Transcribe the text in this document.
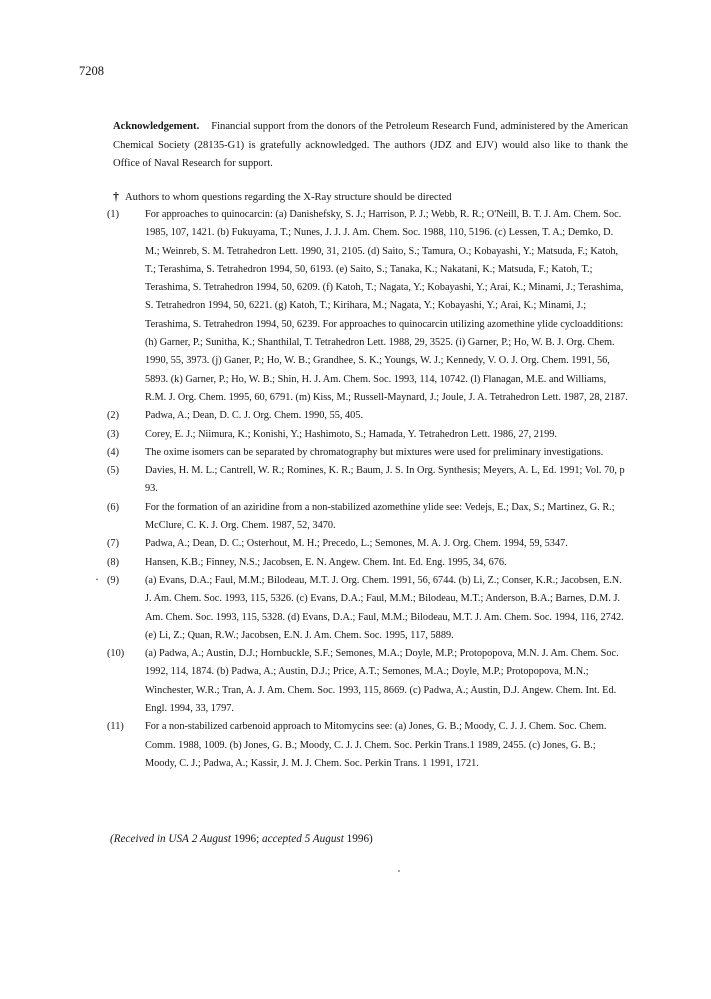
7208
Acknowledgement. Financial support from the donors of the Petroleum Research Fund, administered by the American Chemical Society (28135-G1) is gratefully acknowledged. The authors (JDZ and EJV) would also like to thank the Office of Naval Research for support.
† Authors to whom questions regarding the X-Ray structure should be directed
·
(1)	For approaches to quinocarcin: (a) Danishefsky, S. J.; Harrison, P. J.; Webb, R. R.; O'Neill, B. T. J. Am. Chem. Soc. 1985, 107, 1421. (b) Fukuyama, T.; Nunes, J. J. J. Am. Chem. Soc. 1988, 110, 5196. (c) Lessen, T. A.; Demko, D. M.; Weinreb, S. M. Tetrahedron Lett. 1990, 31, 2105. (d) Saito, S.; Tamura, O.; Kobayashi, Y.; Matsuda, F.; Katoh, T.; Terashima, S. Tetrahedron 1994, 50, 6193. (e) Saito, S.; Tanaka, K.; Nakatani, K.; Matsuda, F.; Katoh, T.; Terashima, S. Tetrahedron 1994, 50, 6209. (f) Katoh, T.; Nagata, Y.; Kobayashi, Y.; Arai, K.; Minami, J.; Terashima, S. Tetrahedron 1994, 50, 6221. (g) Katoh, T.; Kirihara, M.; Nagata, Y.; Kobayashi, Y.; Arai, K.; Minami, J.; Terashima, S. Tetrahedron 1994, 50, 6239. For approaches to quinocarcin utilizing azomethine ylide cycloadditions: (h) Garner, P.; Sunitha, K.; Shanthilal, T. Tetrahedron Lett. 1988, 29, 3525. (i) Garner, P.; Ho, W. B. J. Org. Chem. 1990, 55, 3973. (j) Ganer, P.; Ho, W. B.; Grandhee, S. K.; Youngs, W. J.; Kennedy, V. O. J. Org. Chem. 1991, 56, 5893. (k) Garner, P.; Ho, W. B.; Shin, H. J. Am. Chem. Soc. 1993, 114, 10742. (l) Flanagan, M.E. and Williams, R.M. J. Org. Chem. 1995, 60, 6791. (m) Kiss, M.; Russell-Maynard, J.; Joule, J. A. Tetrahedron Lett. 1987, 28, 2187.
(2)	Padwa, A.; Dean, D. C. J. Org. Chem. 1990, 55, 405.
(3)	Corey, E. J.; Niimura, K.; Konishi, Y.; Hashimoto, S.; Hamada, Y. Tetrahedron Lett. 1986, 27, 2199.
(4)	The oxime isomers can be separated by chromatography but mixtures were used for preliminary investigations.
(5)	Davies, H. M. L.; Cantrell, W. R.; Romines, K. R.; Baum, J. S. In Org. Synthesis; Meyers, A. L, Ed. 1991; Vol. 70, p 93.
(6)	For the formation of an aziridine from a non-stabilized azomethine ylide see: Vedejs, E.; Dax, S.; Martinez, G. R.; McClure, C. K. J. Org. Chem. 1987, 52, 3470.
(7)	Padwa, A.; Dean, D. C.; Osterhout, M. H.; Precedo, L.; Semones, M. A. J. Org. Chem. 1994, 59, 5347.
(8)	Hansen, K.B.; Finney, N.S.; Jacobsen, E. N. Angew. Chem. Int. Ed. Eng. 1995, 34, 676.
(9)	(a) Evans, D.A.; Faul, M.M.; Bilodeau, M.T. J. Org. Chem. 1991, 56, 6744. (b) Li, Z.; Conser, K.R.; Jacobsen, E.N. J. Am. Chem. Soc. 1993, 115, 5326. (c) Evans, D.A.; Faul, M.M.; Bilodeau, M.T.; Anderson, B.A.; Barnes, D.M. J. Am. Chem. Soc. 1993, 115, 5328. (d) Evans, D.A.; Faul, M.M.; Bilodeau, M.T. J. Am. Chem. Soc. 1994, 116, 2742. (e) Li, Z.; Quan, R.W.; Jacobsen, E.N. J. Am. Chem. Soc. 1995, 117, 5889.
(10)	(a) Padwa, A.; Austin, D.J.; Hornbuckle, S.F.; Semones, M.A.; Doyle, M.P.; Protopopova, M.N. J. Am. Chem. Soc. 1992, 114, 1874. (b) Padwa, A.; Austin, D.J.; Price, A.T.; Semones, M.A.; Doyle, M.P.; Protopopova, M.N.; Winchester, W.R.; Tran, A. J. Am. Chem. Soc. 1993, 115, 8669. (c) Padwa, A.; Austin, D.J. Angew. Chem. Int. Ed. Engl. 1994, 33, 1797.
(11)	For a non-stabilized carbenoid approach to Mitomycins see: (a) Jones, G. B.; Moody, C. J. J. Chem. Soc. Chem. Comm. 1988, 1009. (b) Jones, G. B.; Moody, C. J. J. Chem. Soc. Perkin Trans.1 1989, 2455. (c) Jones, G. B.; Moody, C. J.; Padwa, A.; Kassir, J. M. J. Chem. Soc. Perkin Trans. 1 1991, 1721.
(Received in USA 2 August 1996; accepted 5 August 1996)
